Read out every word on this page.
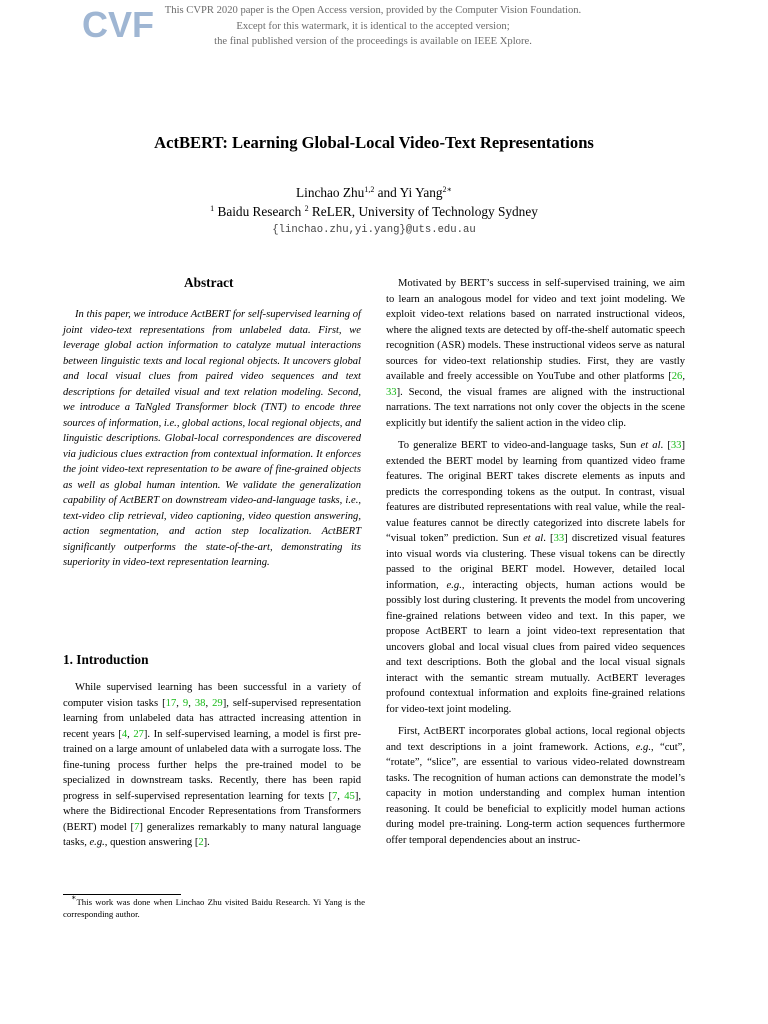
CVF	This CVPR 2020 paper is the Open Access version, provided by the Computer Vision Foundation.
Except for this watermark, it is identical to the accepted version;
the final published version of the proceedings is available on IEEE Xplore.
ActBERT: Learning Global-Local Video-Text Representations
Linchao Zhu$^{1,2}$ and Yi Yang$^{2∗}$
$^1$ Baidu Research $^2$ ReLER, University of Technology Sydney
{linchao.zhu,yi.yang}@uts.edu.au
Abstract

In this paper, we introduce ActBERT for self-supervised learning of joint video-text representations from unlabeled data. First, we leverage global action information to catalyze mutual interactions between linguistic texts and local regional objects. It uncovers global and local visual clues from paired video sequences and text descriptions for detailed visual and text relation modeling. Second, we introduce a TaNgled Transformer block (TNT) to encode three sources of information, i.e., global actions, local regional objects, and linguistic descriptions. Global-local correspondences are discovered via judicious clues extraction from contextual information. It enforces the joint video-text representation to be aware of fine-grained objects as well as global human intention. We validate the generalization capability of ActBERT on downstream video-and-language tasks, i.e., text-video clip retrieval, video captioning, video question answering, action segmentation, and action step localization. ActBERT significantly outperforms the state-of-the-art, demonstrating its superiority in video-text representation learning.

1. Introduction

While supervised learning has been successful in a variety of computer vision tasks [17, 9, 38, 29], self-supervised representation learning from unlabeled data has attracted increasing attention in recent years [4, 27]. In self-supervised learning, a model is first pre-trained on a large amount of unlabeled data with a surrogate loss. The fine-tuning process further helps the pre-trained model to be specialized in downstream tasks. Recently, there has been rapid progress in self-supervised representation learning for texts [7, 45], where the Bidirectional Encoder Representations from Transformers (BERT) model [7] generalizes remarkably to many natural language tasks, e.g., question answering [2].

∗This work was done when Linchao Zhu visited Baidu Research. Yi Yang is the corresponding author.

Motivated by BERT’s success in self-supervised training, we aim to learn an analogous model for video and text joint modeling. We exploit video-text relations based on narrated instructional videos, where the aligned texts are detected by off-the-shelf automatic speech recognition (ASR) models. These instructional videos serve as natural sources for video-text relationship studies. First, they are vastly available and freely accessible on YouTube and other platforms [26, 33]. Second, the visual frames are aligned with the instructional narrations. The text narrations not only cover the objects in the scene explicitly but identify the salient action in the video clip.

To generalize BERT to video-and-language tasks, Sun et al. [33] extended the BERT model by learning from quantized video frame features. The original BERT takes discrete elements as inputs and predicts the corresponding tokens as the output. In contrast, visual features are distributed representations with real value, while the real-value features cannot be directly categorized into discrete labels for “visual token” prediction. Sun et al. [33] discretized visual features into visual words via clustering. These visual tokens can be directly passed to the original BERT model. However, detailed local information, e.g., interacting objects, human actions would be possibly lost during clustering. It prevents the model from uncovering fine-grained relations between video and text. In this paper, we propose ActBERT to learn a joint video-text representation that uncovers global and local visual clues from paired video sequences and text descriptions. Both the global and the local visual signals interact with the semantic stream mutually. ActBERT leverages profound contextual information and exploits fine-grained relations for video-text joint modeling.

First, ActBERT incorporates global actions, local regional objects and text descriptions in a joint framework. Actions, e.g., “cut”, “rotate”, “slice”, are essential to various video-related downstream tasks. The recognition of human actions can demonstrate the model’s capacity in motion understanding and complex human intention reasoning. It could be beneficial to explicitly model human actions during model pre-training. Long-term action sequences furthermore offer temporal dependencies about an instruc-
